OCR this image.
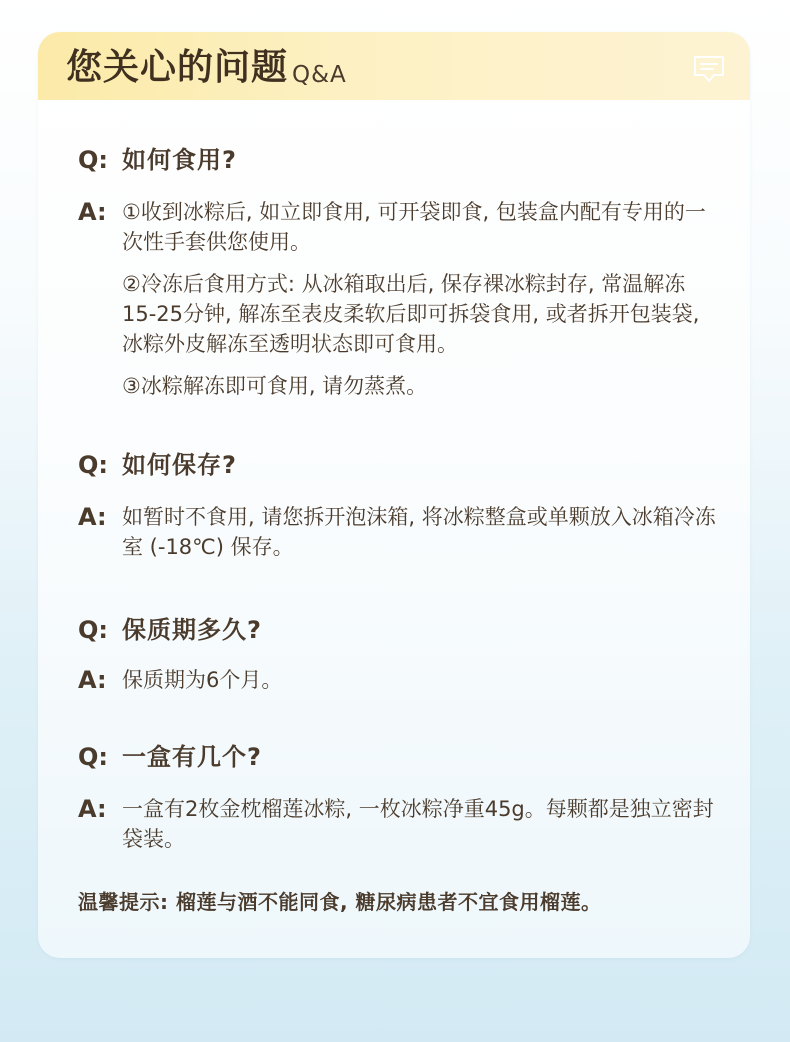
您关心的问题 Q&A
Q: 如何食用?
A: ①收到冰粽后, 如立即食用, 可开袋即食, 包装盒内配有专用的一次性手套供您使用。

②冷冻后食用方式: 从冰箱取出后, 保存裸冰粽封存, 常温解冻15-25分钟, 解冻至表皮柔软后即可拆袋食用, 或者拆开包装袋, 冰粽外皮解冻至透明状态即可食用。

③冰粽解冻即可食用, 请勿蒸煮。

Q: 如何保存?
A: 如暂时不食用, 请您拆开泡沫箱, 将冰粽整盒或单颗放入冰箱冷冻室 (-18℃) 保存。

Q: 保质期多久?
A: 保质期为6个月。

Q: 一盒有几个?
A: 一盒有2枚金枕榴莲冰粽, 一枚冰粽净重45g。每颗都是独立密封袋装。

温馨提示: 榴莲与酒不能同食, 糖尿病患者不宜食用榴莲。
